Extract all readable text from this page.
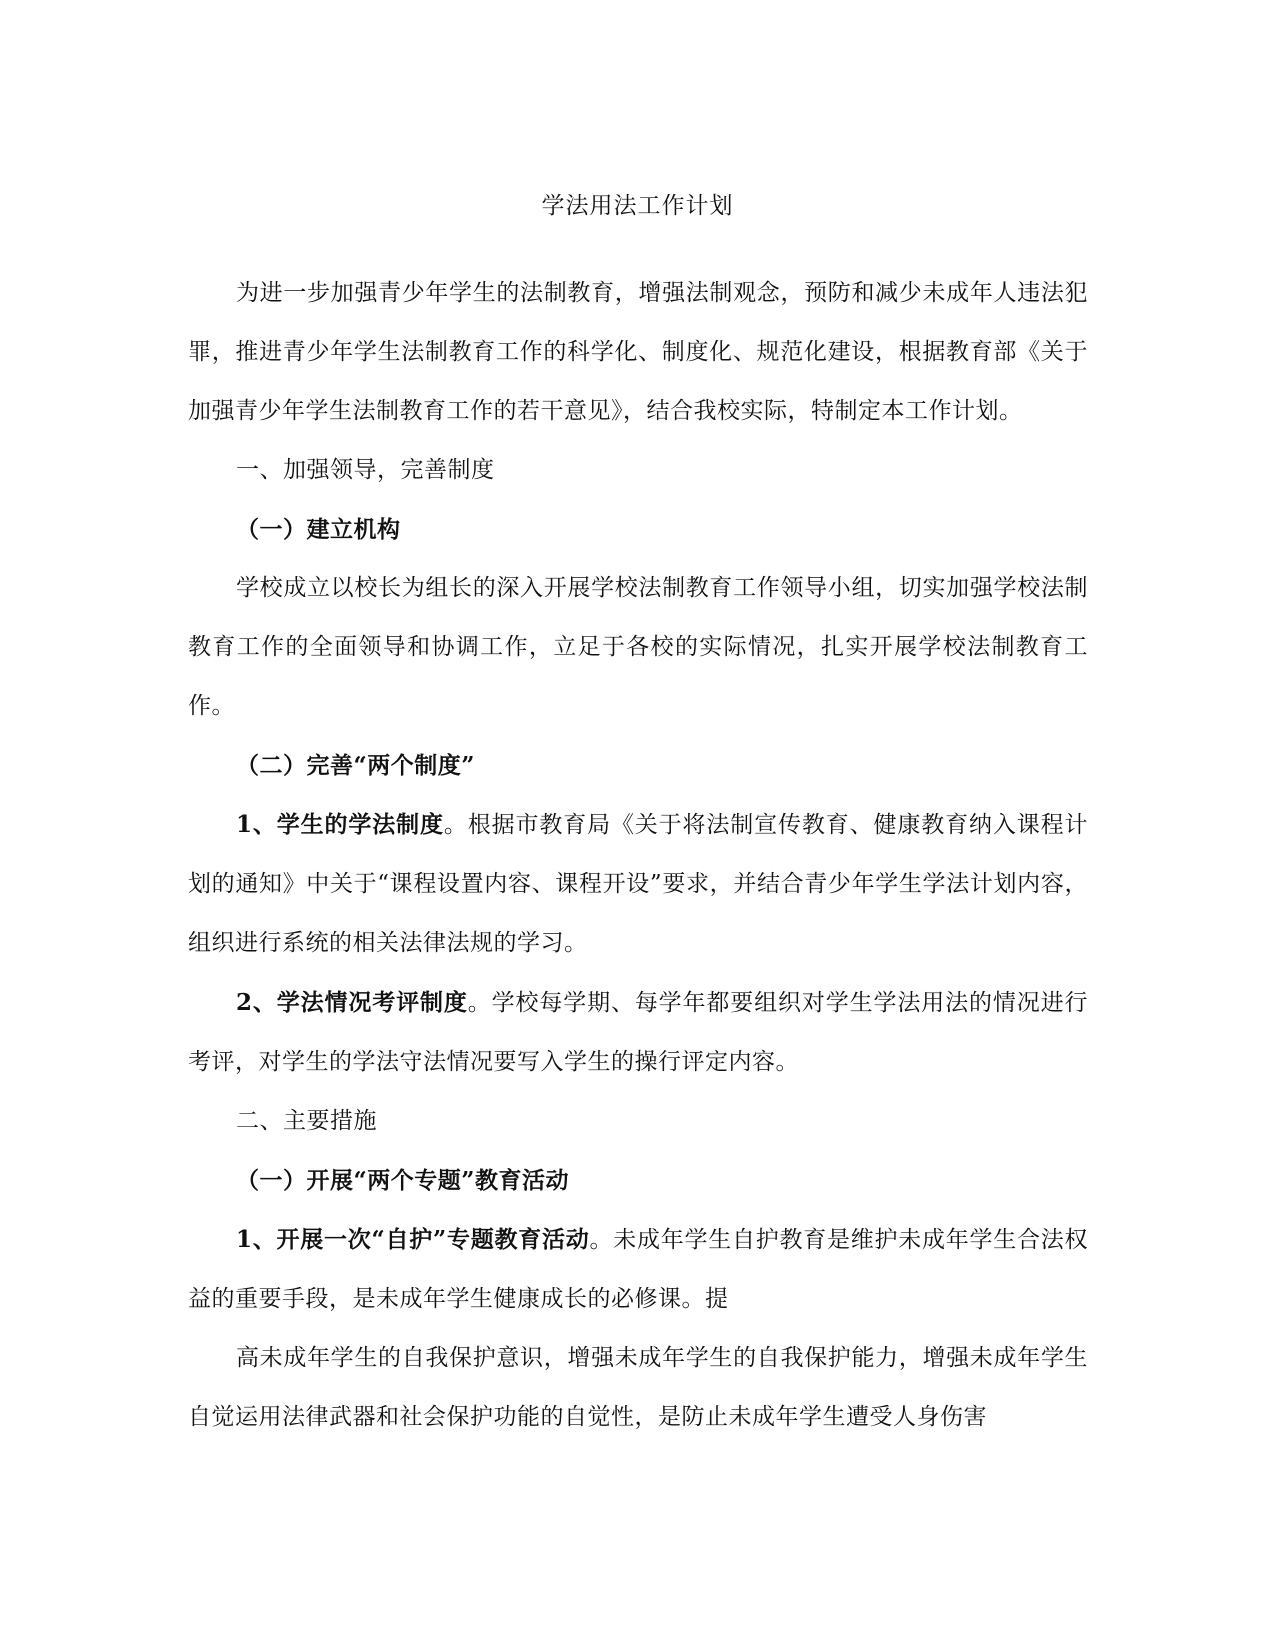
学法用法工作计划

为进一步加强青少年学生的法制教育，增强法制观念，预防和减少未成年人违法犯罪，推进青少年学生法制教育工作的科学化、制度化、规范化建设，根据教育部《关于加强青少年学生法制教育工作的若干意见》，结合我校实际，特制定本工作计划。

一、加强领导，完善制度

（一）建立机构

学校成立以校长为组长的深入开展学校法制教育工作领导小组，切实加强学校法制教育工作的全面领导和协调工作，立足于各校的实际情况，扎实开展学校法制教育工作。

（二）完善“两个制度”

1、学生的学法制度。根据市教育局《关于将法制宣传教育、健康教育纳入课程计划的通知》中关于“课程设置内容、课程开设”要求，并结合青少年学生学法计划内容，组织进行系统的相关法律法规的学习。

2、学法情况考评制度。学校每学期、每学年都要组织对学生学法用法的情况进行考评，对学生的学法守法情况要写入学生的操行评定内容。

二、主要措施

（一）开展“两个专题”教育活动

1、开展一次“自护”专题教育活动。未成年学生自护教育是维护未成年学生合法权益的重要手段，是未成年学生健康成长的必修课。提

高未成年学生的自我保护意识，增强未成年学生的自我保护能力，增强未成年学生自觉运用法律武器和社会保护功能的自觉性，是防止未成年学生遭受人身伤害
